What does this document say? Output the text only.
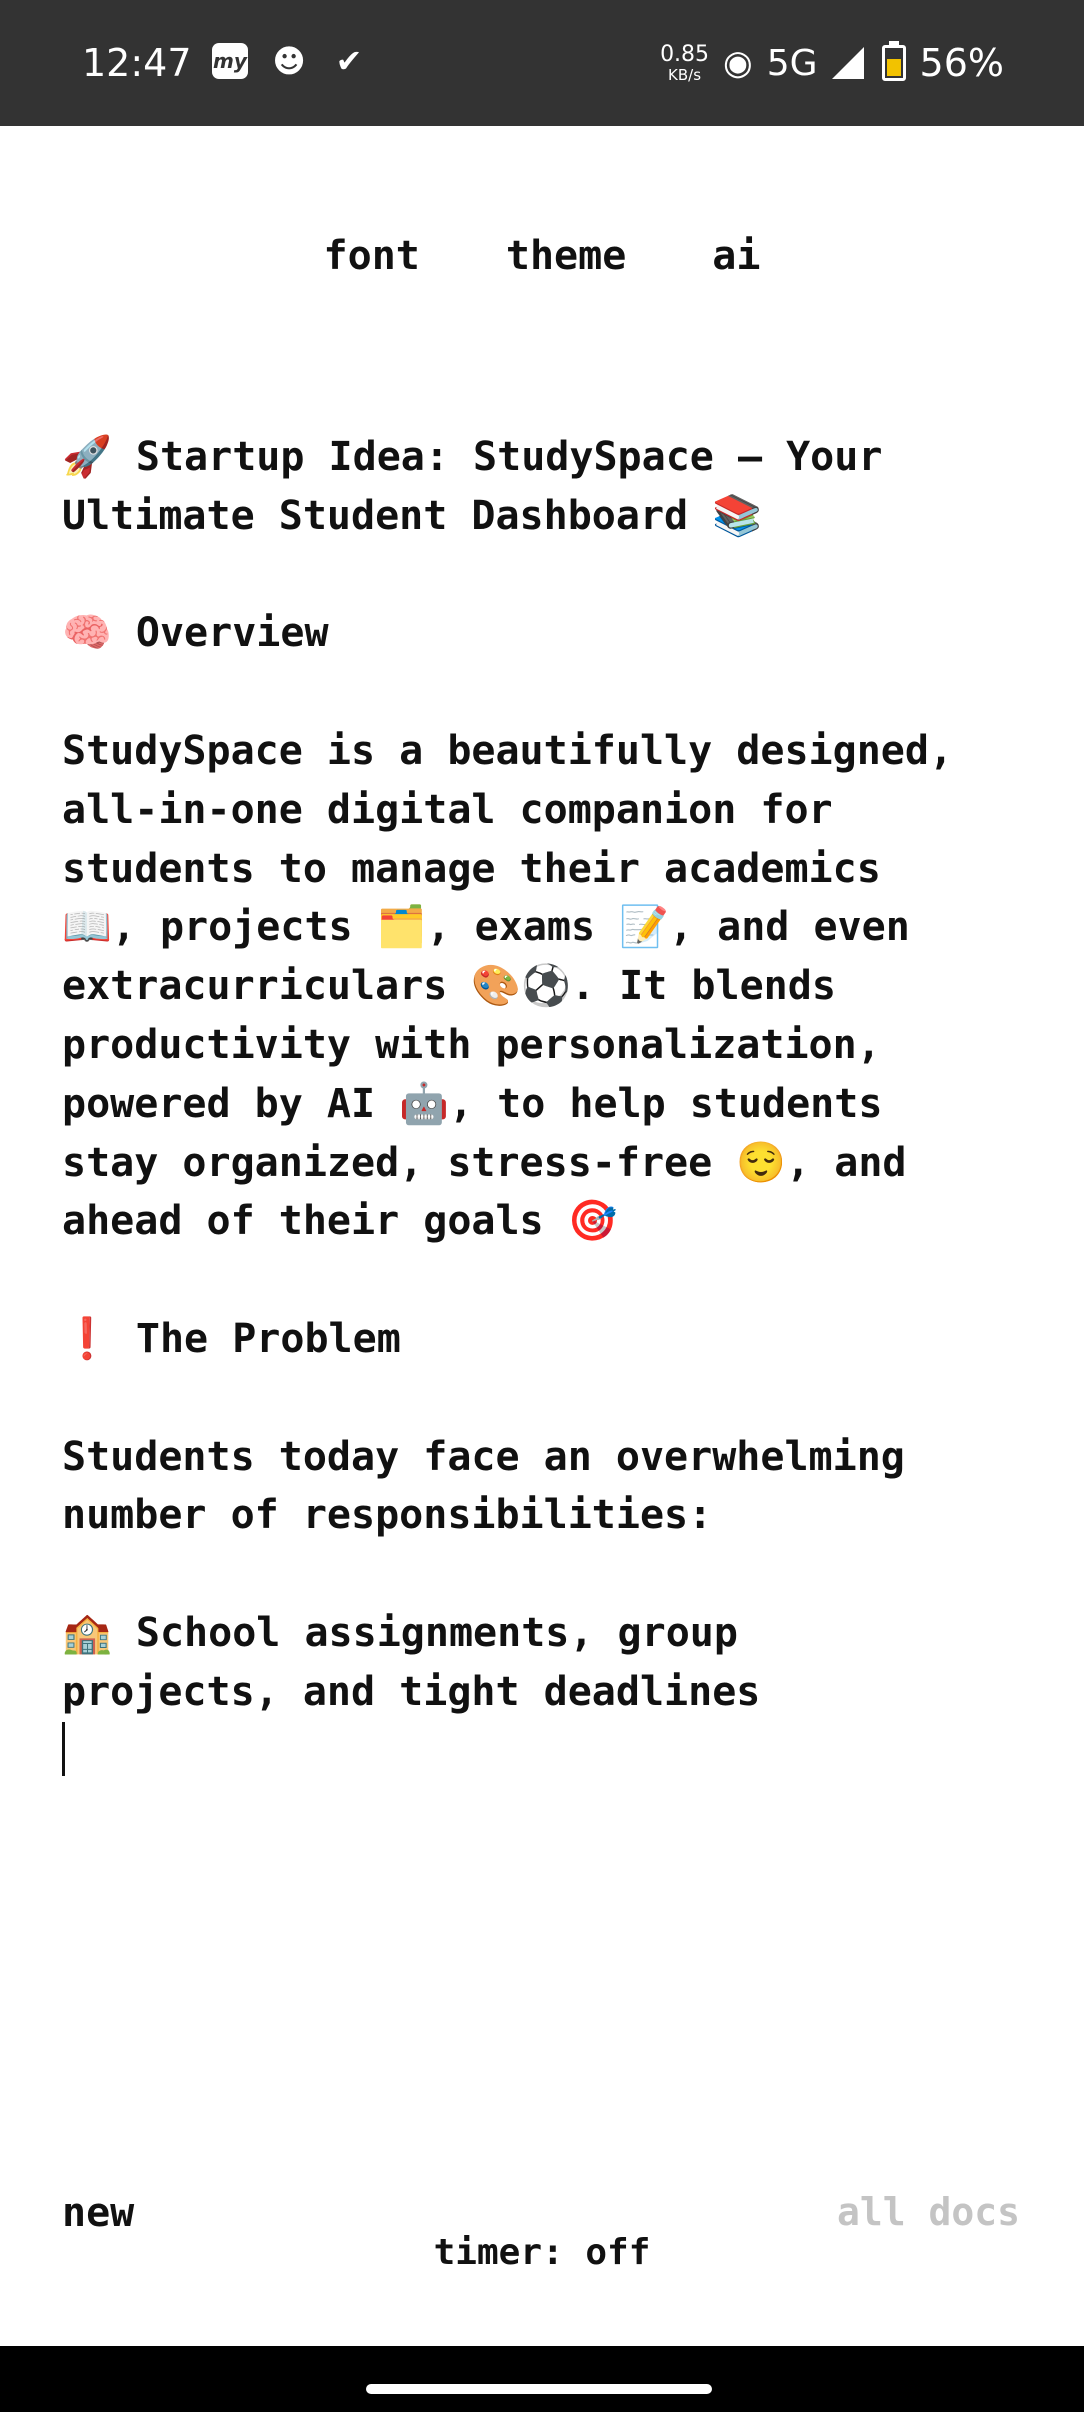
12:47 my ☻ ✔	0.85
KB/s ◉ 5G	56%
font theme ai
🚀 Startup Idea: StudySpace – Your
Ultimate Student Dashboard 📚
🧠 Overview
StudySpace is a beautifully designed,
all-in-one digital companion for
students to manage their academics
📖, projects 🗂️, exams 📝, and even
extracurriculars 🎨⚽. It blends
productivity with personalization,
powered by AI 🤖, to help students
stay organized, stress-free 😌, and
ahead of their goals 🎯
❗ The Problem
Students today face an overwhelming
number of responsibilities:
🏫 School assignments, group
projects, and tight deadlines
new	all docs
timer: off
